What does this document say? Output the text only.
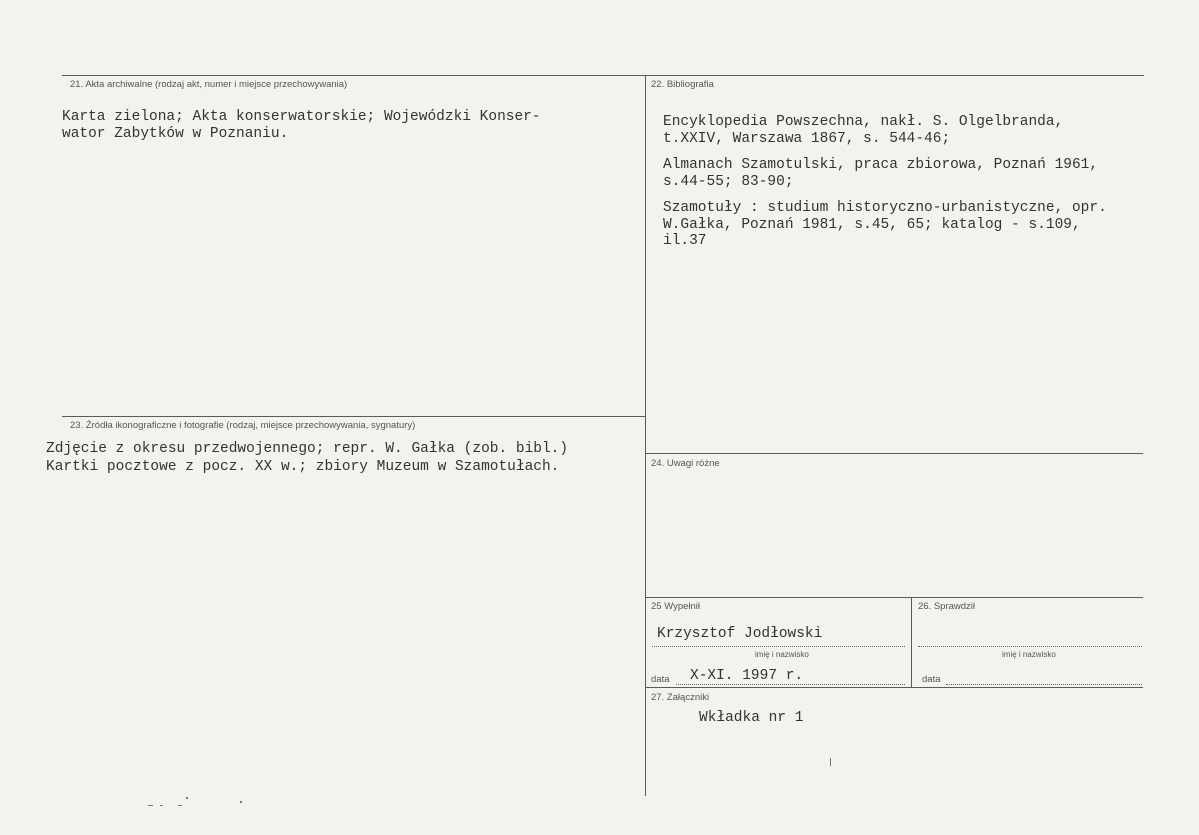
21. Akta archiwalne (rodzaj akt, numer i miejsce przechowywania)
Karta zielona; Akta konserwatorskie; Wojewódzki Konser-
wator Zabytków w Poznaniu.
22. Bibliografia
Encyklopedia Powszechna, nakł. S. Olgelbranda,
t.XXIV, Warszawa 1867, s. 544-46;
Almanach Szamotulski, praca zbiorowa, Poznań 1961,
s.44-55; 83-90;
Szamotuły : studium historyczno-urbanistyczne, opr.
W.Gałka, Poznań 1981, s.45, 65; katalog - s.109,
il.37
23. Źródła ikonograficzne i fotografie (rodzaj, miejsce przechowywania, sygnatury)
Zdjęcie z okresu przedwojennego; repr. W. Gałka (zob. bibl.)
Kartki pocztowe z pocz. XX w.; zbiory Muzeum w Szamotułach.	24. Uwagi różne
25 Wypełnił
Krzysztof Jodłowski
imię i nazwisko
data X-XI. 1997 r.
26. Sprawdził
imię i nazwisko
data
27. Załączniki
Wkładka nr 1
